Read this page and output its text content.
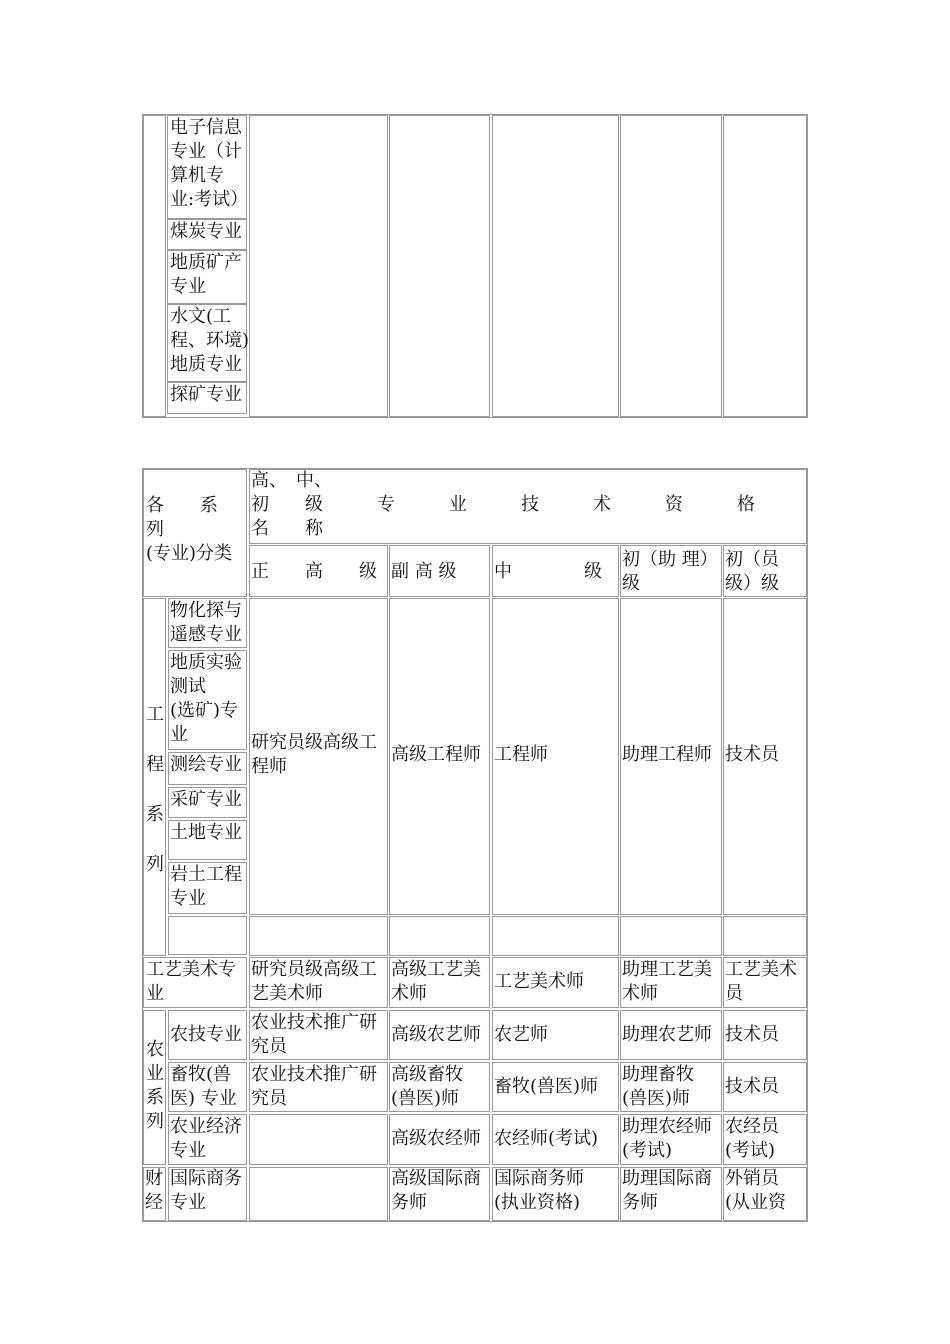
电子信息
专业（计
算机专
业:考试）
煤炭专业
地质矿产
专业
水文(工
程、环境)
地质专业
探矿专业
各　　系
列
(专业)分类
高、　中、
初　　级　　　专　　　业　　　技　　　术　　　资　　　格
名　　称
正　　高　　级 副 高 级 中　　　　级
初（助 理）
级
初（员
级）级
工
程
系
列
物化探与
遥感专业
地质实验
测试
(选矿)专
业
测绘专业
采矿专业
土地专业
岩土工程
专业
研究员级高级工
程师
高级工程师 工程师	助理工程师 技术员
工艺美术专
业
研究员级高级工
艺美术师
高级工艺美
术师
工艺美术师
助理工艺美
术师
工艺美术
员
农
业
系
列
农技专业
农业技术推广研
究员
高级农艺师 农艺师	助理农艺师 技术员
畜牧(兽
医) 专业
农业技术推广研
究员
高级畜牧
(兽医)师
畜牧(兽医)师
助理畜牧
(兽医)师
技术员
农业经济
专业
高级农经师 农经师(考试)
助理农经师
(考试)
农经员
(考试)
财
经
国际商务
专业
高级国际商
务师
国际商务师
(执业资格)
助理国际商
务师
外销员
(从业资
